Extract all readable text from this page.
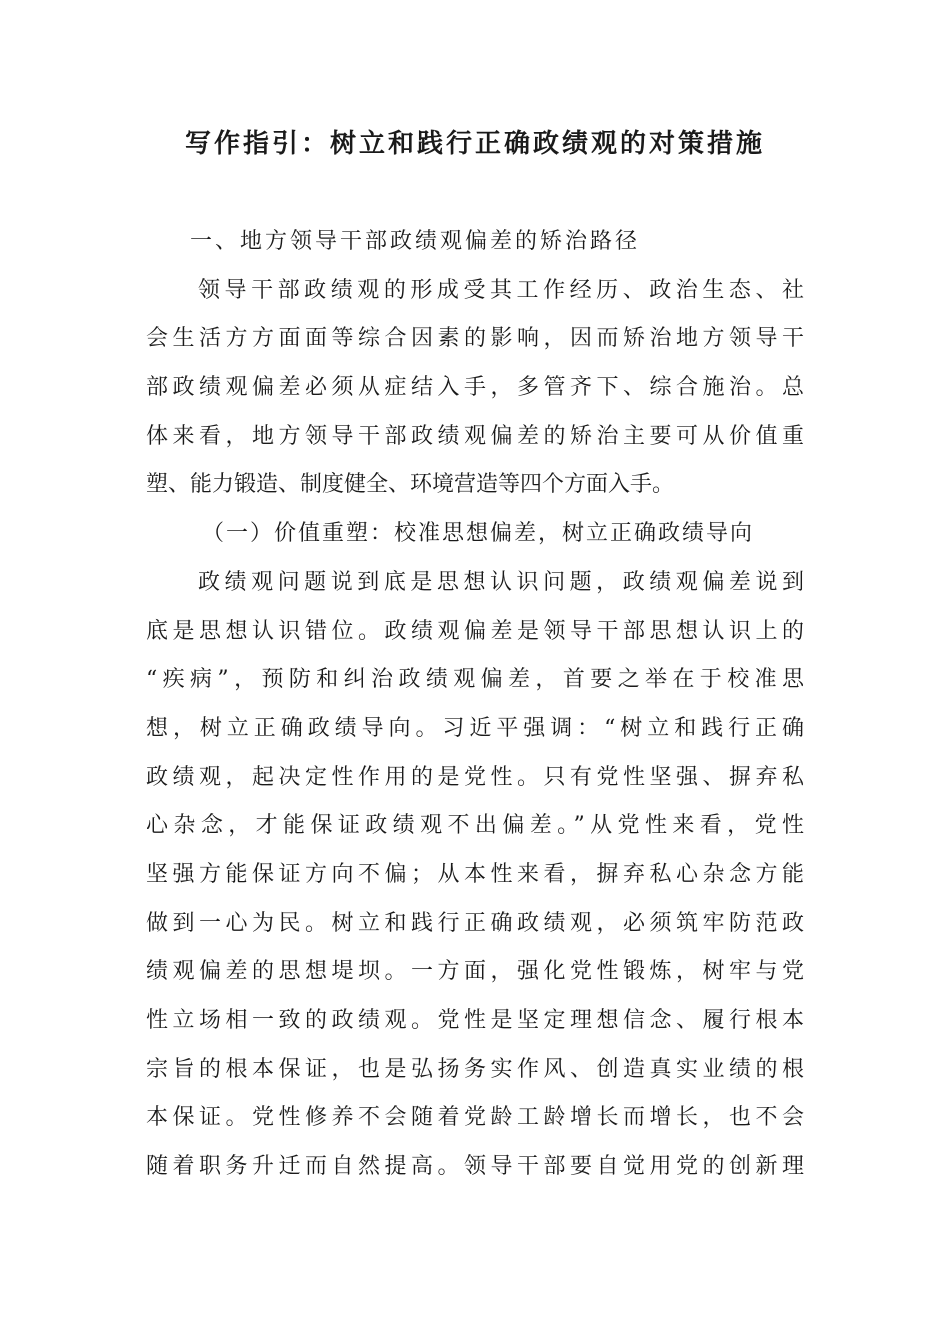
写作指引：树立和践行正确政绩观的对策措施
一、地方领导干部政绩观偏差的矫治路径
领导干部政绩观的形成受其工作经历、政治生态、社
会生活方方面面等综合因素的影响，因而矫治地方领导干
部政绩观偏差必须从症结入手，多管齐下、综合施治。总
体来看，地方领导干部政绩观偏差的矫治主要可从价值重
塑、能力锻造、制度健全、环境营造等四个方面入手。
（一）价值重塑：校准思想偏差，树立正确政绩导向
政绩观问题说到底是思想认识问题，政绩观偏差说到
底是思想认识错位。政绩观偏差是领导干部思想认识上的
“疾病”，预防和纠治政绩观偏差，首要之举在于校准思
想，树立正确政绩导向。习近平强调：“树立和践行正确
政绩观，起决定性作用的是党性。只有党性坚强、摒弃私
心杂念，才能保证政绩观不出偏差。”从党性来看，党性
坚强方能保证方向不偏；从本性来看，摒弃私心杂念方能
做到一心为民。树立和践行正确政绩观，必须筑牢防范政
绩观偏差的思想堤坝。一方面，强化党性锻炼，树牢与党
性立场相一致的政绩观。党性是坚定理想信念、履行根本
宗旨的根本保证，也是弘扬务实作风、创造真实业绩的根
本保证。党性修养不会随着党龄工龄增长而增长，也不会
随着职务升迁而自然提高。领导干部要自觉用党的创新理
